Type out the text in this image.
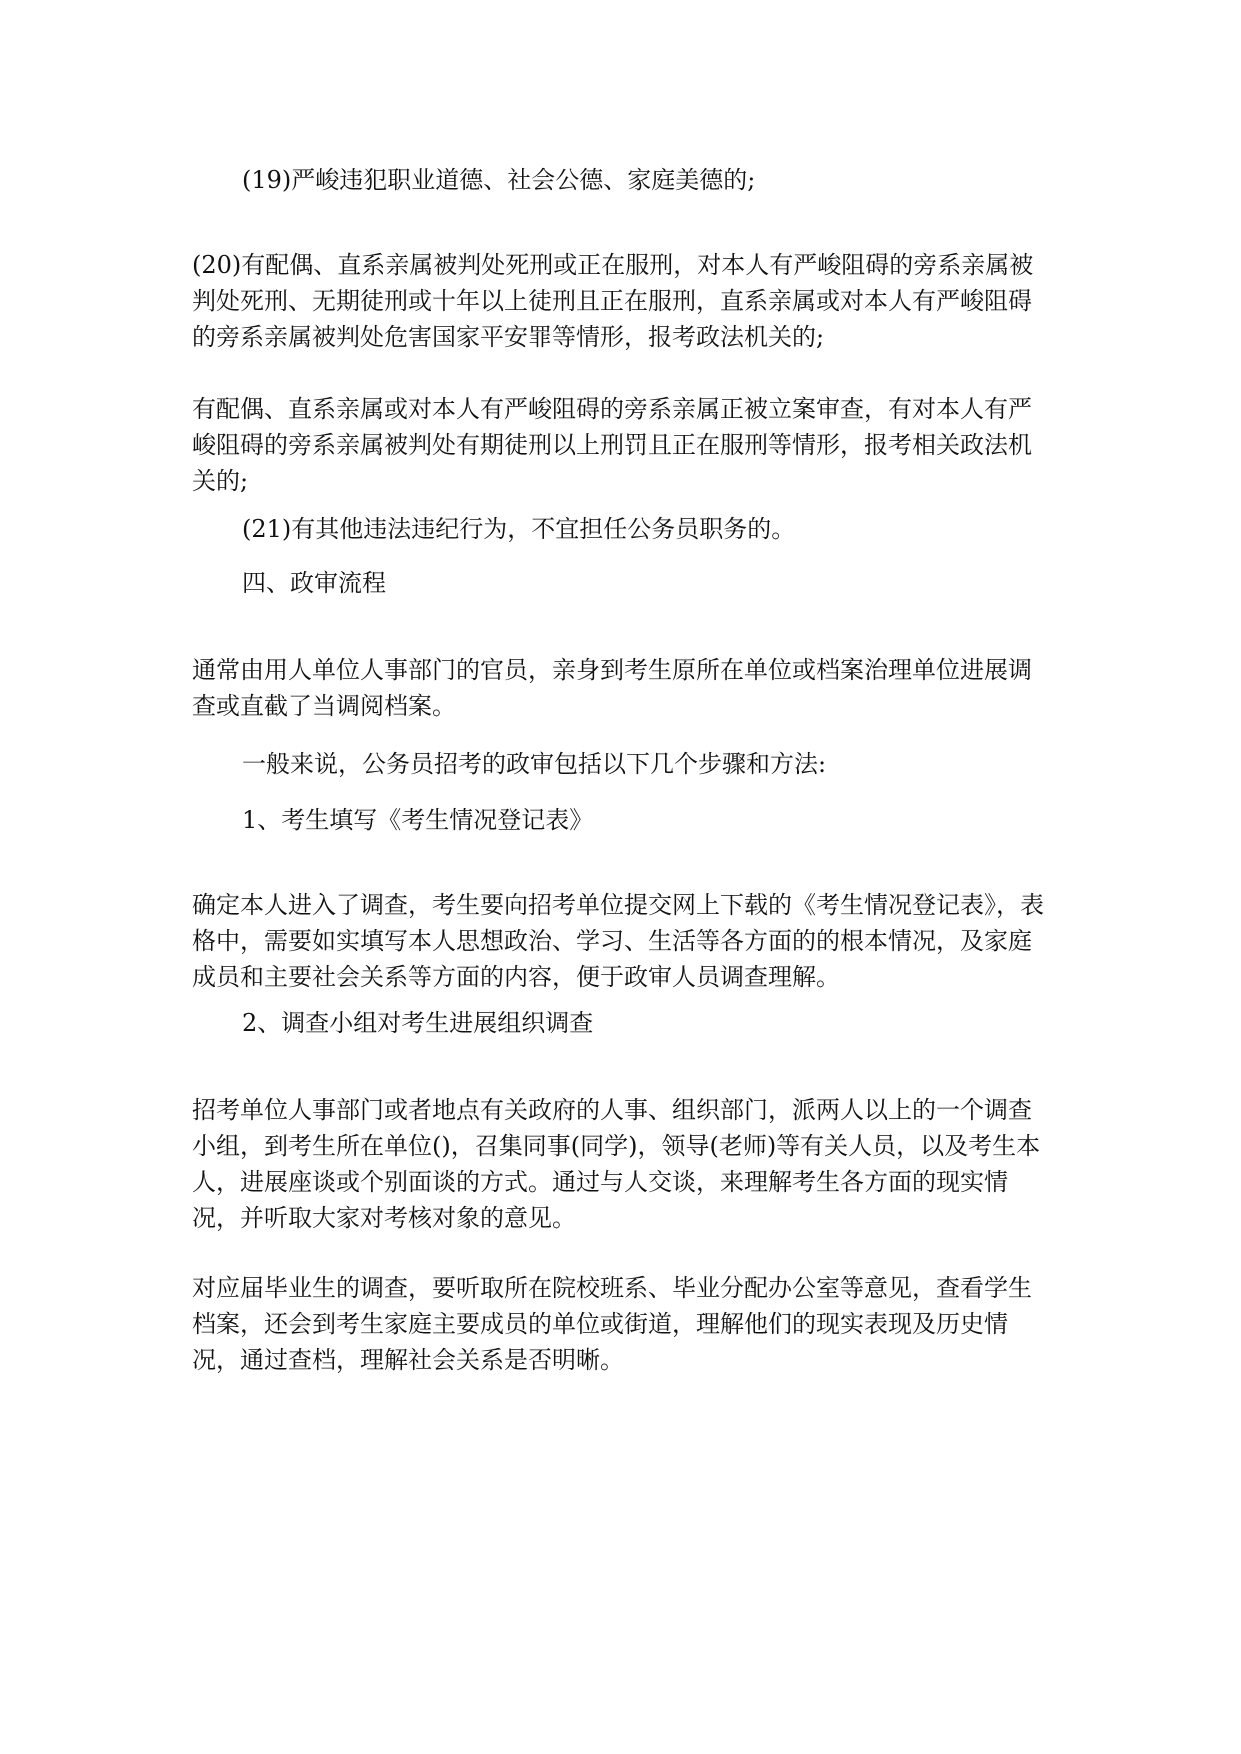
(19)严峻违犯职业道德、社会公德、家庭美德的;

(20)有配偶、直系亲属被判处死刑或正在服刑，对本人有严峻阻碍的旁系亲属被判处死刑、无期徒刑或十年以上徒刑且正在服刑，直系亲属或对本人有严峻阻碍的旁系亲属被判处危害国家平安罪等情形，报考政法机关的;

有配偶、直系亲属或对本人有严峻阻碍的旁系亲属正被立案审查，有对本人有严峻阻碍的旁系亲属被判处有期徒刑以上刑罚且正在服刑等情形，报考相关政法机关的;

(21)有其他违法违纪行为，不宜担任公务员职务的。

四、政审流程

通常由用人单位人事部门的官员，亲身到考生原所在单位或档案治理单位进展调查或直截了当调阅档案。

一般来说，公务员招考的政审包括以下几个步骤和方法:

1、考生填写《考生情况登记表》

确定本人进入了调查，考生要向招考单位提交网上下载的《考生情况登记表》，表格中，需要如实填写本人思想政治、学习、生活等各方面的的根本情况，及家庭成员和主要社会关系等方面的内容，便于政审人员调查理解。

2、调查小组对考生进展组织调查

招考单位人事部门或者地点有关政府的人事、组织部门，派两人以上的一个调查小组，到考生所在单位()，召集同事(同学)，领导(老师)等有关人员，以及考生本人，进展座谈或个别面谈的方式。通过与人交谈，来理解考生各方面的现实情况，并听取大家对考核对象的意见。

对应届毕业生的调查，要听取所在院校班系、毕业分配办公室等意见，查看学生档案，还会到考生家庭主要成员的单位或街道，理解他们的现实表现及历史情况，通过查档，理解社会关系是否明晰。
